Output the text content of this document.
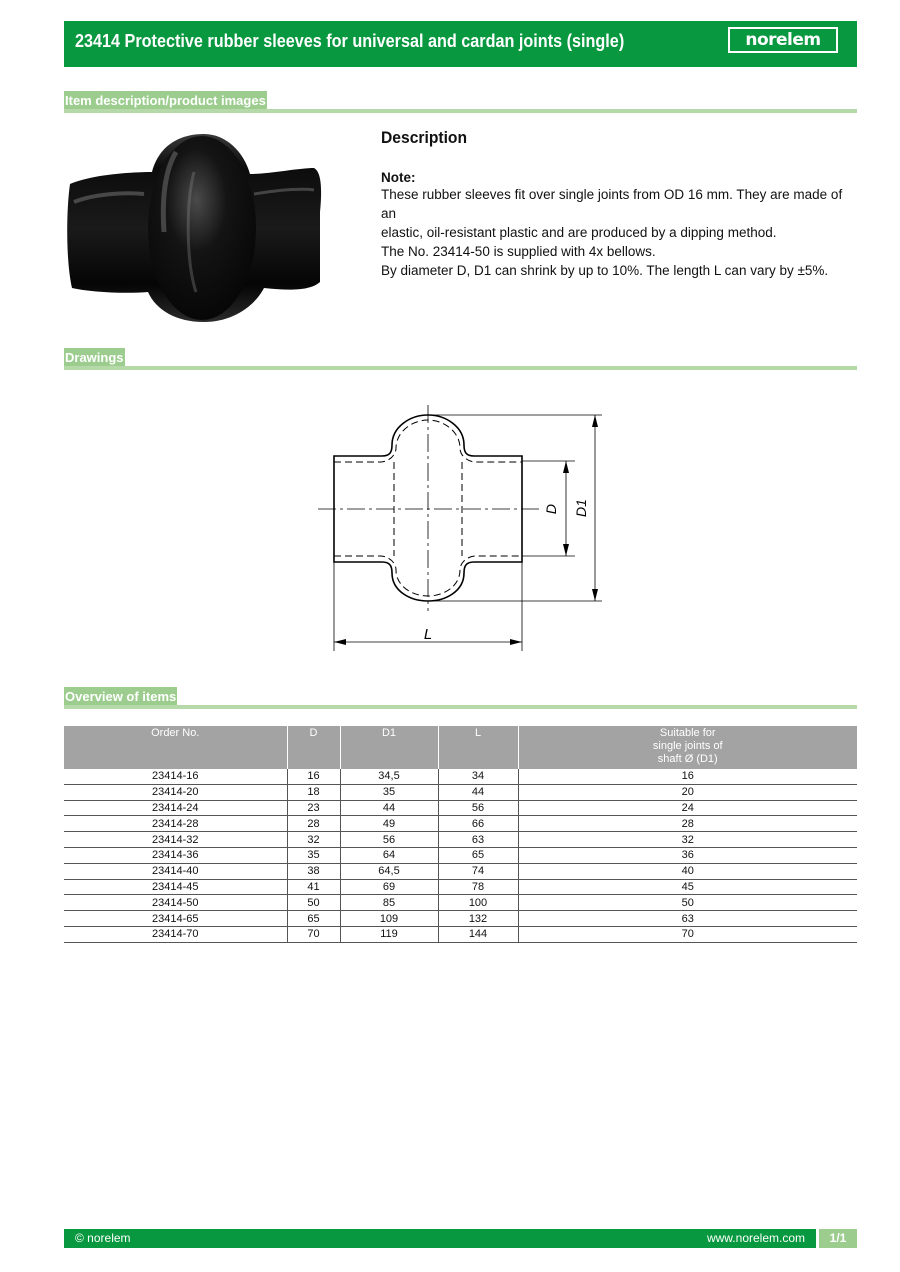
23414 Protective rubber sleeves for universal and cardan joints (single)	norelem
Item description/product images
Description
Note:

These rubber sleeves fit over single joints from OD 16 mm. They are made of an

elastic, oil-resistant plastic and are produced by a dipping method.

The No. 23414-50 is supplied with 4x bellows.

By diameter D, D1 can shrink by up to 10%. The length L can vary by ±5%.

Drawings
D D1
L
Overview of items
Order No.	D	D1	L	Suitable for
single joints of
shaft Ø (D1)
23414-16	16	34,5	34	16
23414-20	18	35	44	20
23414-24	23	44	56	24
23414-28	28	49	66	28
23414-32	32	56	63	32
23414-36	35	64	65	36
23414-40	38	64,5	74	40
23414-45	41	69	78	45
23414-50	50	85	100	50
23414-65	65	109	132	63
23414-70	70	119	144	70
© norelem	www.norelem.com	1/1
